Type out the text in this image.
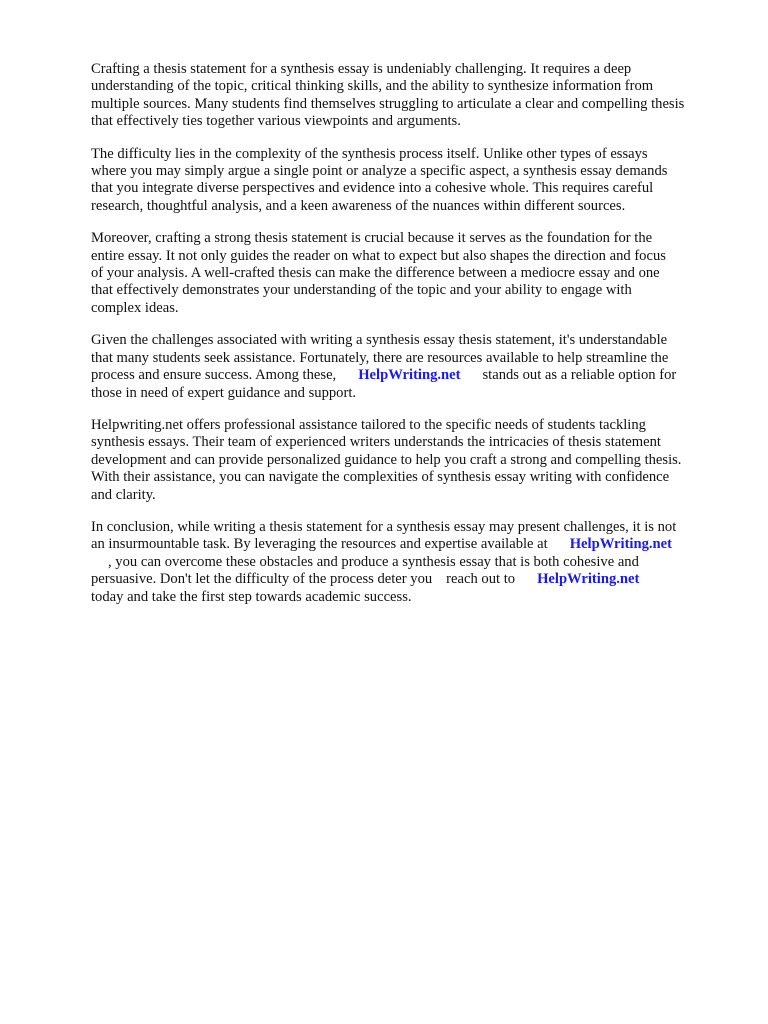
Crafting a thesis statement for a synthesis essay is undeniably challenging. It requires a deep
understanding of the topic, critical thinking skills, and the ability to synthesize information from
multiple sources. Many students find themselves struggling to articulate a clear and compelling thesis
that effectively ties together various viewpoints and arguments.

The difficulty lies in the complexity of the synthesis process itself. Unlike other types of essays
where you may simply argue a single point or analyze a specific aspect, a synthesis essay demands
that you integrate diverse perspectives and evidence into a cohesive whole. This requires careful
research, thoughtful analysis, and a keen awareness of the nuances within different sources.

Moreover, crafting a strong thesis statement is crucial because it serves as the foundation for the
entire essay. It not only guides the reader on what to expect but also shapes the direction and focus
of your analysis. A well-crafted thesis can make the difference between a mediocre essay and one
that effectively demonstrates your understanding of the topic and your ability to engage with
complex ideas.

Given the challenges associated with writing a synthesis essay thesis statement, it's understandable
that many students seek assistance. Fortunately, there are resources available to help streamline the
process and ensure success. Among these, HelpWriting.net stands out as a reliable option for
those in need of expert guidance and support.

Helpwriting.net offers professional assistance tailored to the specific needs of students tackling
synthesis essays. Their team of experienced writers understands the intricacies of thesis statement
development and can provide personalized guidance to help you craft a strong and compelling thesis.
With their assistance, you can navigate the complexities of synthesis essay writing with confidence
and clarity.

In conclusion, while writing a thesis statement for a synthesis essay may present challenges, it is not
an insurmountable task. By leveraging the resources and expertise available at HelpWriting.net
, you can overcome these obstacles and produce a synthesis essay that is both cohesive and
persuasive. Don't let the difficulty of the process deter you reach out to HelpWriting.net
today and take the first step towards academic success.
